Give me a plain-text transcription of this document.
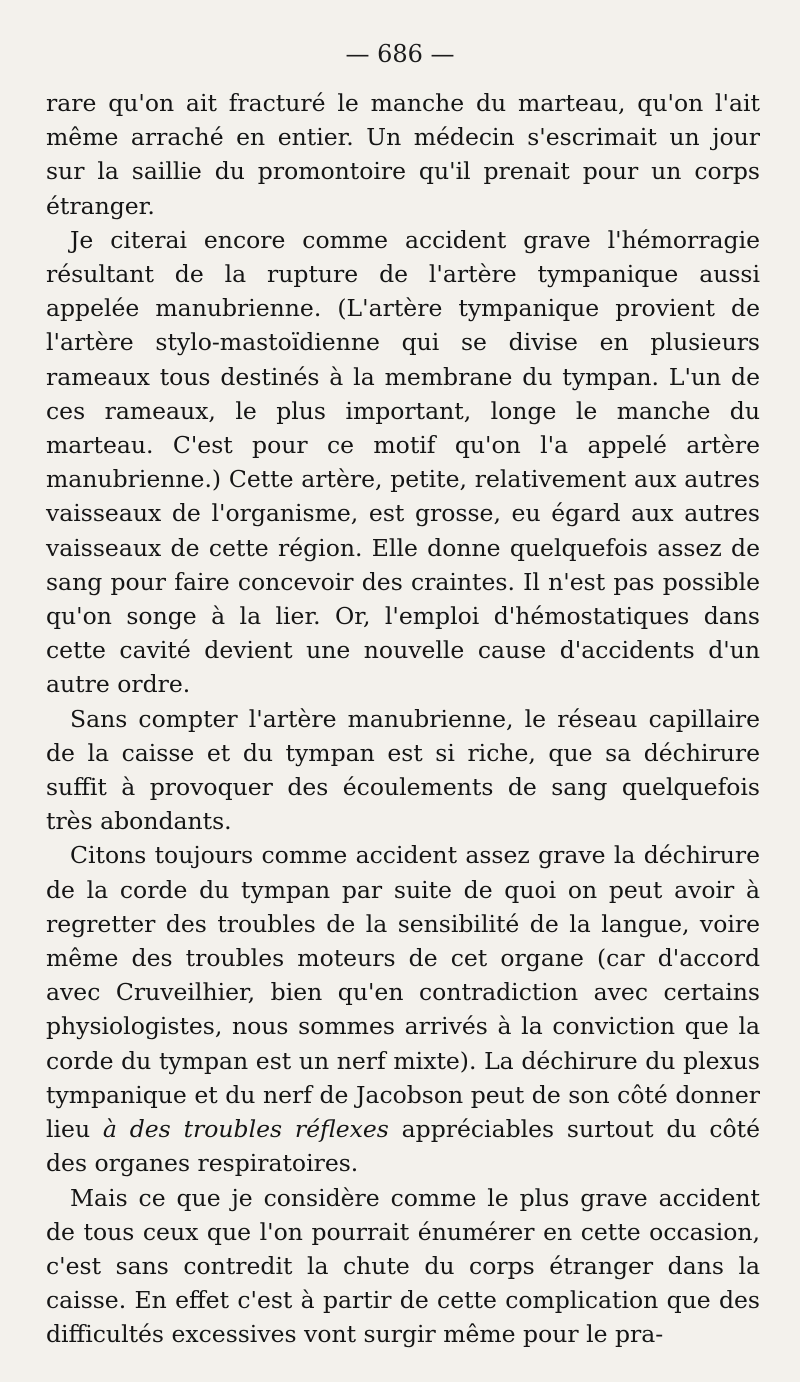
— 686 —

rare qu'on ait fracturé le manche du marteau, qu'on l'ait même arraché en entier. Un médecin s'escrimait un jour sur la saillie du promontoire qu'il prenait pour un corps étranger.

Je citerai encore comme accident grave l'hémorragie résultant de la rupture de l'artère tympanique aussi appelée manubrienne. (L'artère tympanique provient de l'artère stylo-mastoïdienne qui se divise en plusieurs rameaux tous destinés à la membrane du tympan. L'un de ces rameaux, le plus important, longe le manche du marteau. C'est pour ce motif qu'on l'a appelé artère manubrienne.) Cette artère, petite, relativement aux autres vaisseaux de l'organisme, est grosse, eu égard aux autres vaisseaux de cette région. Elle donne quelquefois assez de sang pour faire concevoir des craintes. Il n'est pas possible qu'on songe à la lier. Or, l'emploi d'hémostatiques dans cette cavité devient une nouvelle cause d'accidents d'un autre ordre.

Sans compter l'artère manubrienne, le réseau capillaire de la caisse et du tympan est si riche, que sa déchirure suffit à provoquer des écoulements de sang quelquefois très abondants.

Citons toujours comme accident assez grave la déchirure de la corde du tympan par suite de quoi on peut avoir à regretter des troubles de la sensibilité de la langue, voire même des troubles moteurs de cet organe (car d'accord avec Cruveilhier, bien qu'en contradiction avec certains physiologistes, nous sommes arrivés à la conviction que la corde du tympan est un nerf mixte). La déchirure du plexus tympanique et du nerf de Jacobson peut de son côté donner lieu à des troubles réflexes appréciables surtout du côté des organes respiratoires.

Mais ce que je considère comme le plus grave accident de tous ceux que l'on pourrait énumérer en cette occasion, c'est sans contredit la chute du corps étranger dans la caisse. En effet c'est à partir de cette complication que des difficultés excessives vont surgir même pour le pra-
